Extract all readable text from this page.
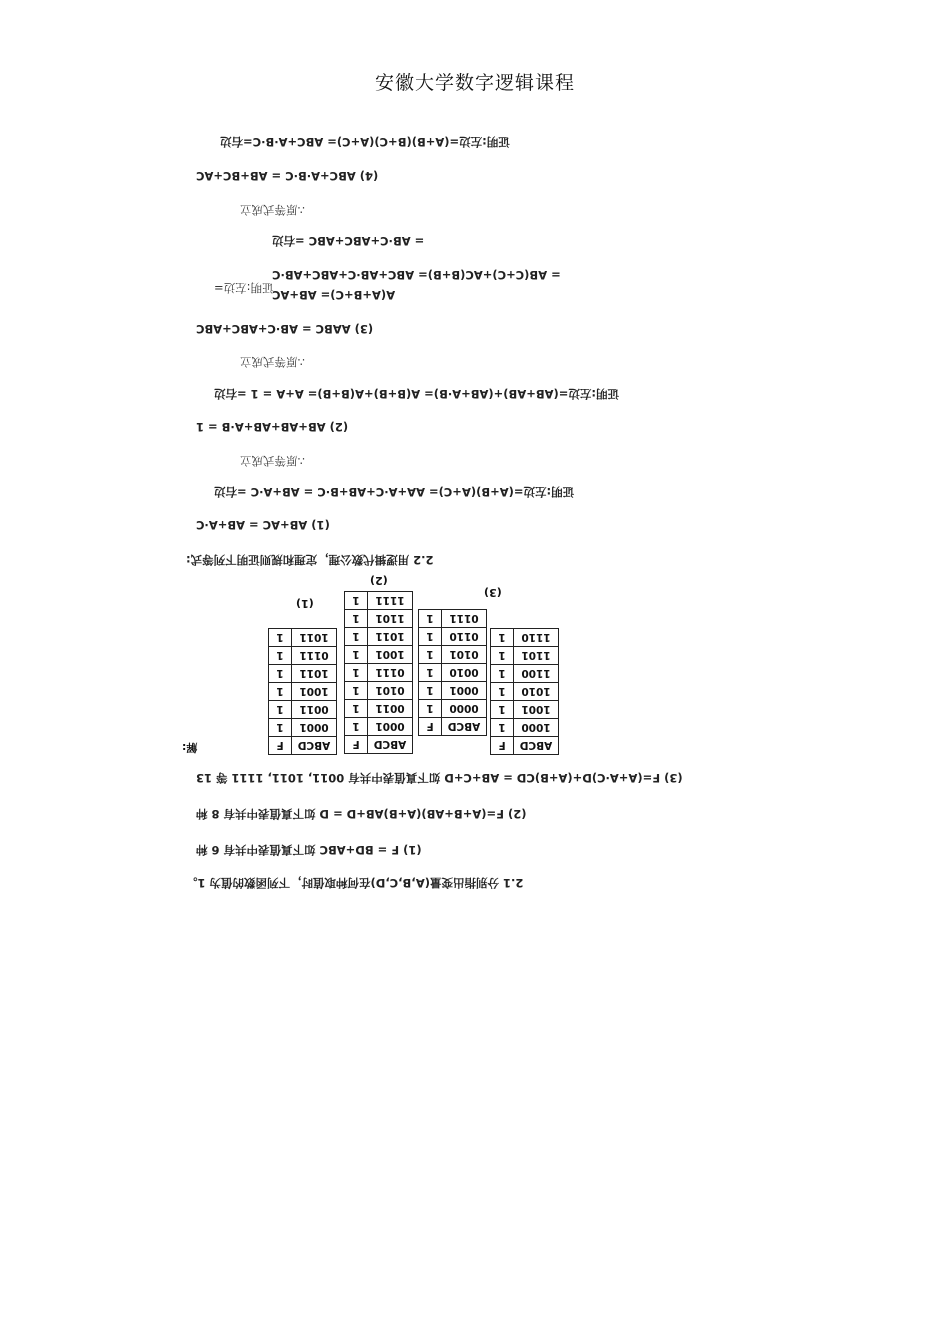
安徽大学数字逻辑课程
证明:左边=(A+B)(B+C)(A+C)= ABC+A·B·C=右边
(4) ABC+A·B·C = AB+BC+AC
∴原等式成立
= AB·C+ABC+ABC =右边
= AB(C+C)+AC(B+B)= ABC+AB·C+ABC+AB·C
证明:左边=
A(A+B+C)= AB+AC
(3) AABC = AB·C+ABC+ABC
∴原等式成立
证明:左边=(AB+AB)+(AB+A·B)= A(B+B)+A(B+B)= A+A = 1 =右边
(2) AB+AB+AB+A·B = 1
∴原等式成立
证明:左边=(A+B)(A+C)= AA+A·C+AB+B·C = AB+A·C =右边
(1) AB+AC = AB+A·C
2.2 用逻辑代数公理，定理和规则证明下列等式:
(2)
(3)
(1)
ABCD	F
0001	1
0011	1
1001	1
1011	1
0111	1
1011	1
ABCD	F
0001	1
0011	1
0101	1
0111	1
1001	1
1011	1
1101	1
1111	1
ABCD	F
0000	1
0001	1
0010	1
0101	1
0110	1
0111	1
ABCD	F
1000	1
1001	1
1010	1
1100	1
1101	1
1110	1
解:
(3) F=(A+A·C)D+(A+B)CD = AB+C+D 如下真值表中共有 0011, 1011, 1111 等 13
(2) F=(A+B+AB)(A+B)AB+D = D 如下真值表中共有 8 种
(1) F = BD+ABC 如下真值表中共有 6 种
2.1 分别指出变量(A,B,C,D)在何种取值时，下列函数的值为 1。
